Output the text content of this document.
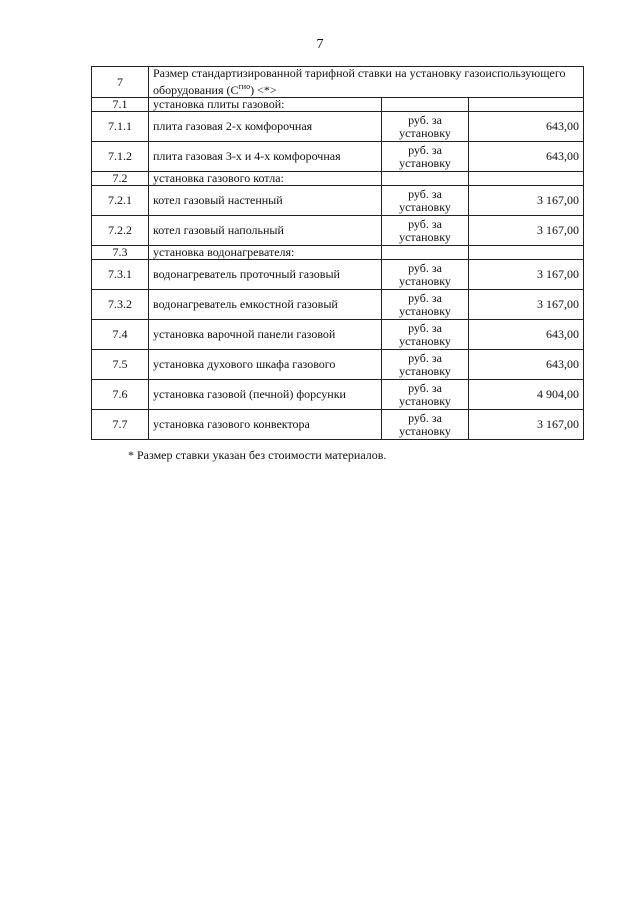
7
7	Размер стандартизированной тарифной ставки на установку газоиспользующего оборудования $(C^{гиo})$ <*>		
7.1	установка плиты газовой:		
7.1.1	плита газовая 2-х комфорочная	руб. за установку	643,00
7.1.2	плита газовая 3-х и 4-х комфорочная	руб. за установку	643,00
7.2	установка газового котла:		
7.2.1	котел газовый настенный	руб. за установку	3 167,00
7.2.2	котел газовый напольный	руб. за установку	3 167,00
7.3	установка водонагревателя:		
7.3.1	водонагреватель проточный газовый	руб. за установку	3 167,00
7.3.2	водонагреватель емкостной газовый	руб. за установку	3 167,00
7.4	установка варочной панели газовой	руб. за установку	643,00
7.5	установка духового шкафа газового	руб. за установку	643,00
7.6	установка газовой (печной) форсунки	руб. за установку	4 904,00
7.7	установка газового конвектора	руб. за установку	3 167,00
* Размер ставки указан без стоимости материалов.
